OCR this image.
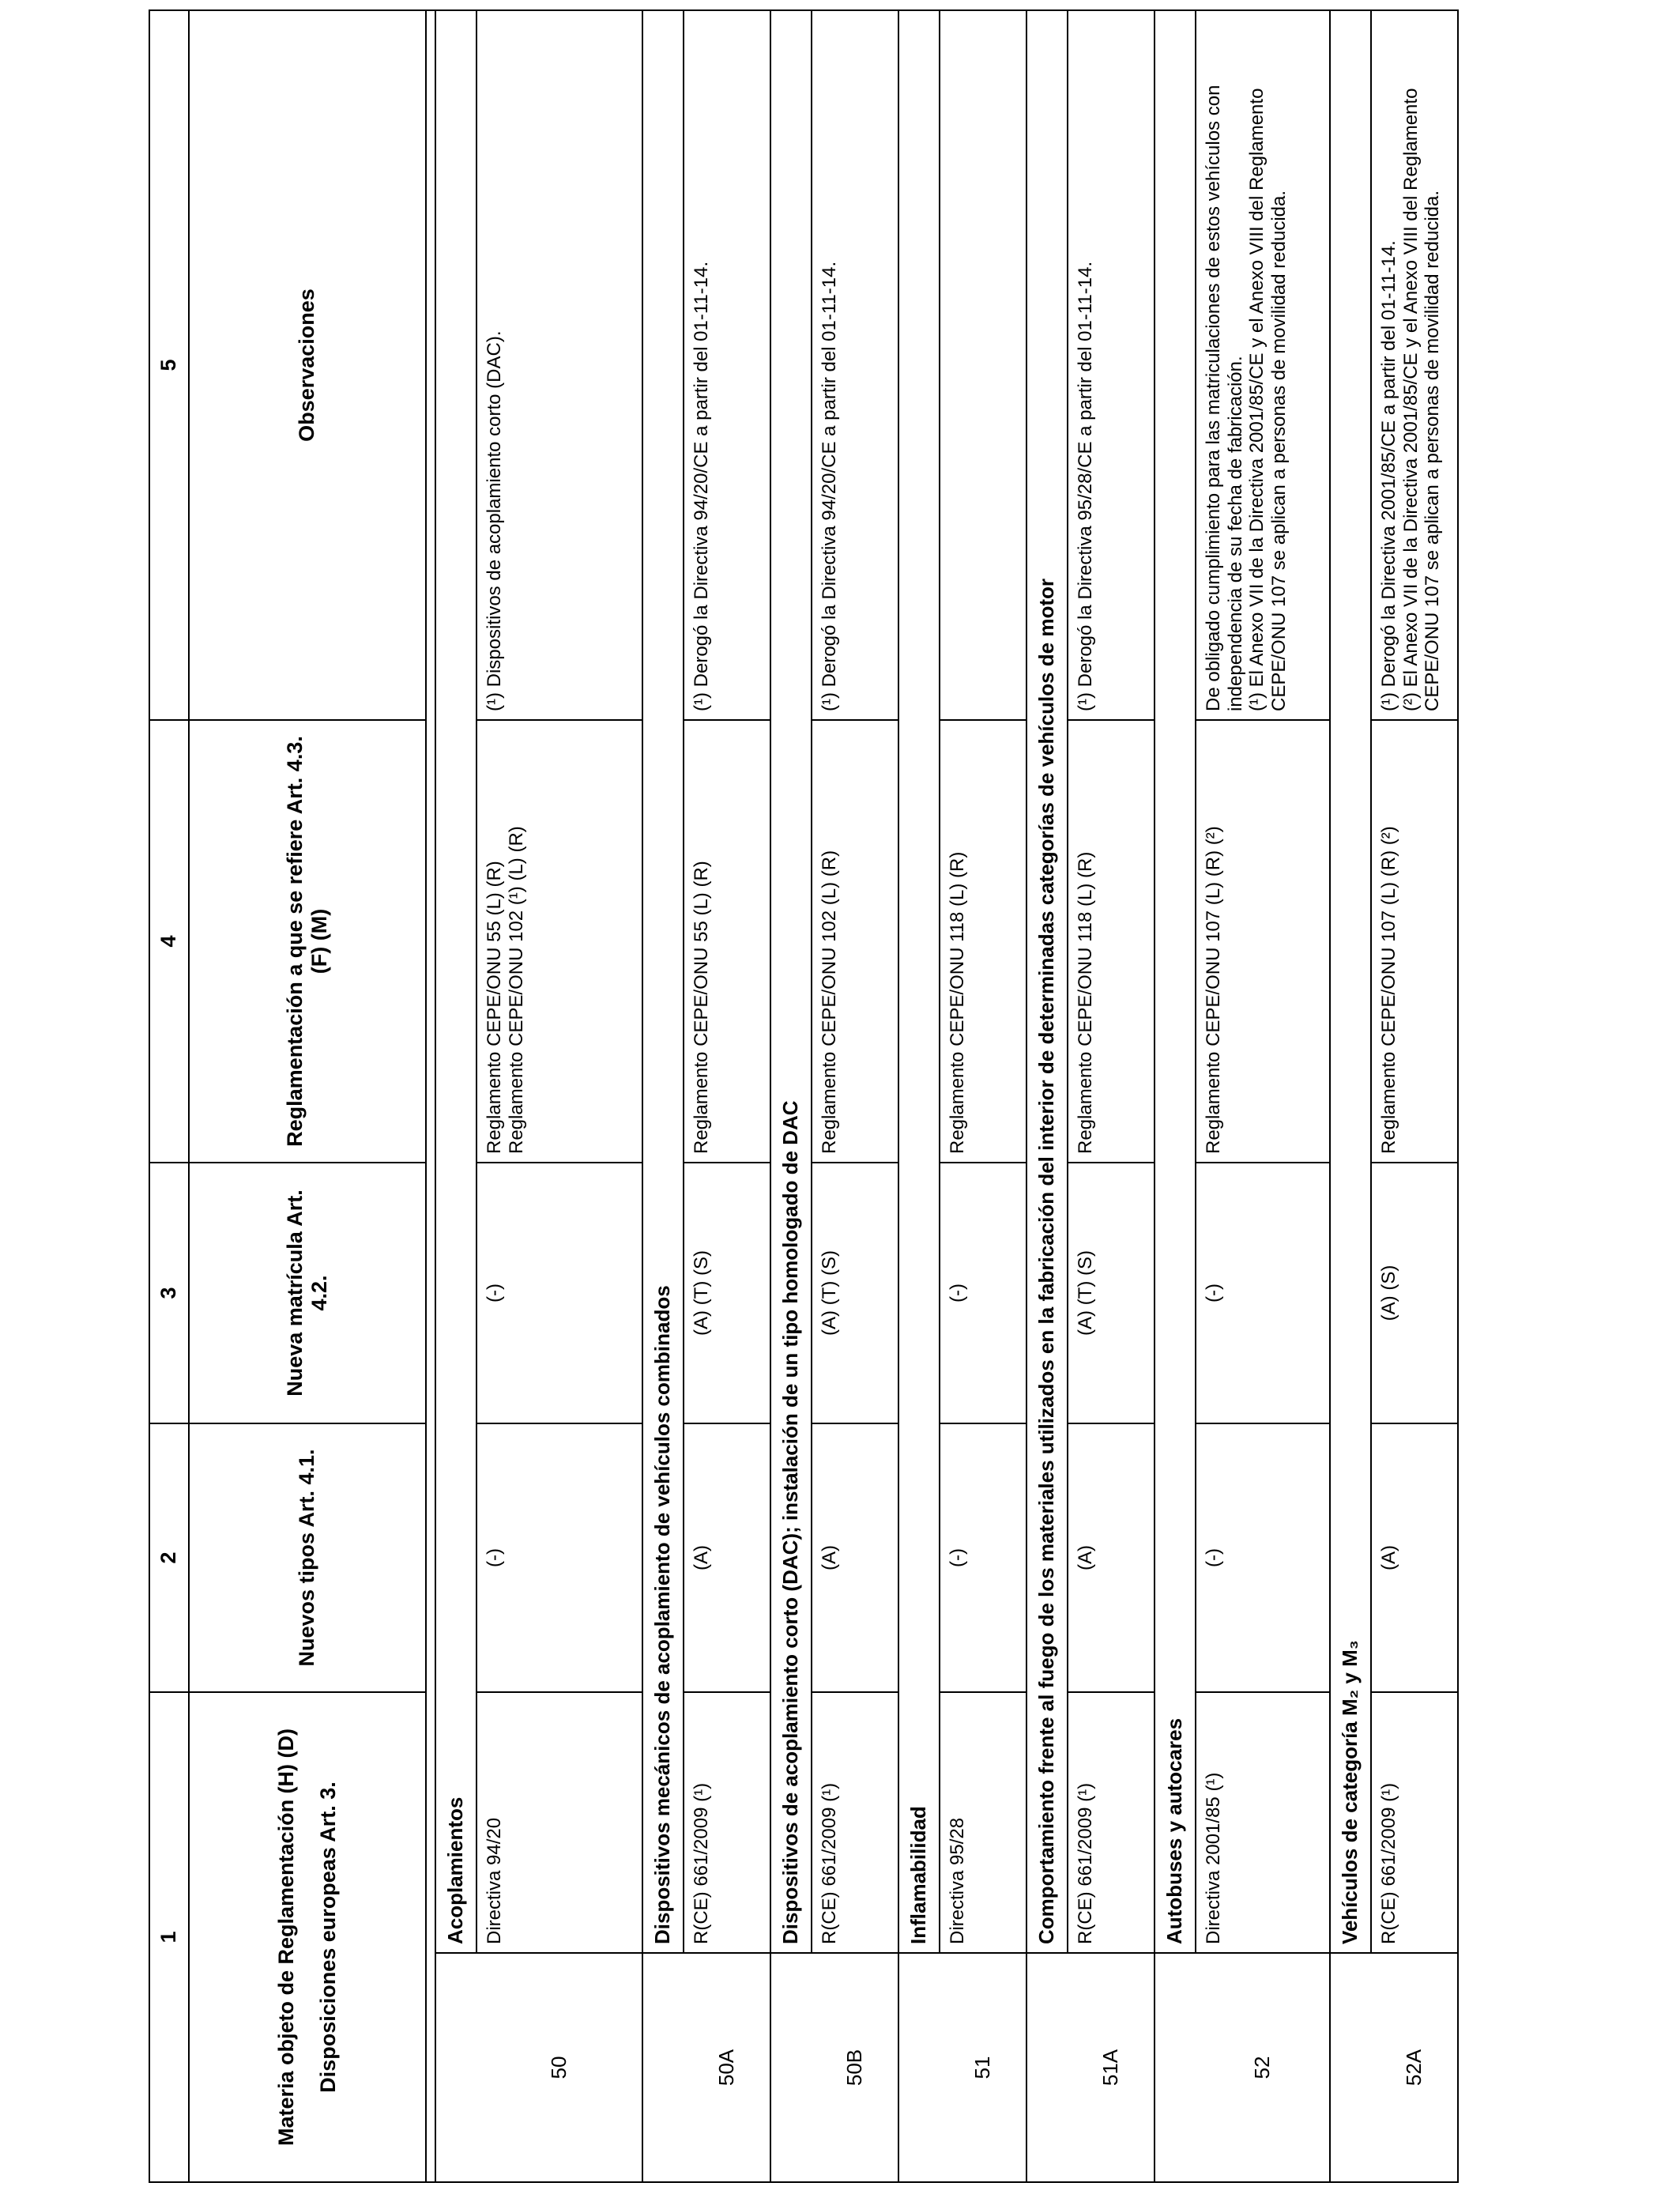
1		2	3	4	5

Materia objeto de Reglamentación (H) (D) Disposiciones europeas Art. 3.		Nuevos tipos Art. 4.1.	Nueva matrícula Art. 4.2.	Reglamentación a que se refiere Art. 4.3. (F) (M)	Observaciones

	Acoplamientos				
50	Directiva 94/20	(-)	(-)	Reglamento CEPE/ONU 55 (L) (R) Reglamento CEPE/ONU 102 (¹) (L) (R)	(¹) Dispositivos de acoplamiento corto (DAC).

	Dispositivos mecánicos de acoplamiento de vehículos combinados				
50A	R(CE) 661/2009 (¹)	(A)	(A) (T) (S)	Reglamento CEPE/ONU 55 (L) (R)	(¹) Derogó la Directiva 94/20/CE a partir del 01-11-14.

	Dispositivos de acoplamiento corto (DAC); instalación de un tipo homologado de DAC				
50B	R(CE) 661/2009 (¹)	(A)	(A) (T) (S)	Reglamento CEPE/ONU 102 (L) (R)	(¹) Derogó la Directiva 94/20/CE a partir del 01-11-14.

	Inflamabilidad				
51	Directiva 95/28	(-)	(-)	Reglamento CEPE/ONU 118 (L) (R)	

	Comportamiento frente al fuego de los materiales utilizados en la fabricación del interior de determinadas categorías de vehículos de motor				
51A	R(CE) 661/2009 (¹)	(A)	(A) (T) (S)	Reglamento CEPE/ONU 118 (L) (R)	(¹) Derogó la Directiva 95/28/CE a partir del 01-11-14.

	Autobuses y autocares				
52	Directiva 2001/85 (¹)	(-)	(-)	Reglamento CEPE/ONU 107 (L) (R) (²)	De obligado cumplimiento para las matriculaciones de estos vehículos con independencia de su fecha de fabricación. (¹) El Anexo VII de la Directiva 2001/85/CE y el Anexo VIII del Reglamento CEPE/ONU 107 se aplican a personas de movilidad reducida.

	Vehículos de categoría M₂ y M₃				
52A	R(CE) 661/2009 (¹)	(A)	(A) (S)	Reglamento CEPE/ONU 107 (L) (R) (²)	(¹) Derogó la Directiva 2001/85/CE a partir del 01-11-14. (²) El Anexo VII de la Directiva 2001/85/CE y el Anexo VIII del Reglamento CEPE/ONU 107 se aplican a personas de movilidad reducida.
